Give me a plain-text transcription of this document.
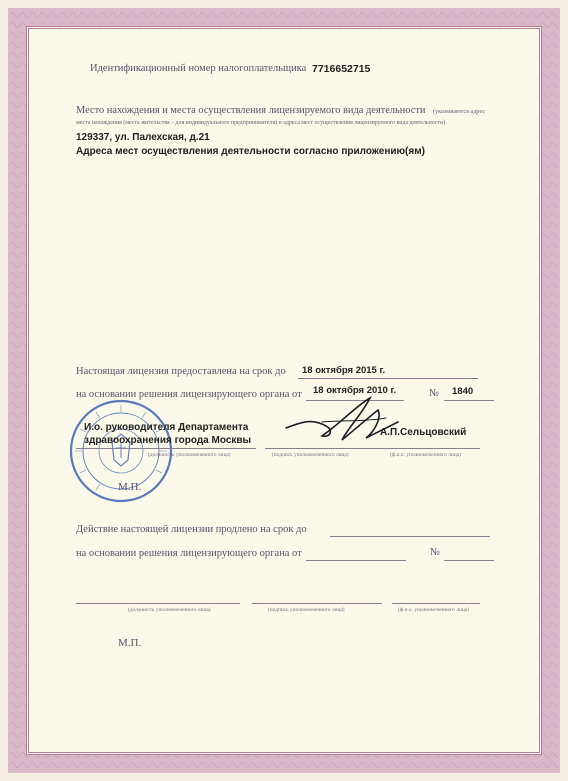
Идентификационный номер налогоплательщика 7716652715
Место нахождения и места осуществления лицензируемого вида деятельности (указываются адрес
места нахождения (места жительства – для индивидуального предпринимателя) и адреса мест осуществления лицензируемого вида деятельности)
129337, ул. Палехская, д.21
Адреса мест осуществления деятельности согласно приложению(ям)
Настоящая лицензия предоставлена на срок до 18 октября 2015 г.
на основании решения лицензирующего органа от 18 октября 2010 г.	№ 1840
И.о. руководителя Департамента
здравоохранения города Москвы
А.П.Сельцовский
(должность уполномоченного лица)	(подпись уполномоченного лица)	(ф.и.о. уполномоченного лица)
М.П.
Действие настоящей лицензии продлено на срок до
на основании решения лицензирующего органа от	№
(должность уполномоченного лица)	(подпись уполномоченного лица)	(ф.и.о. уполномоченного лица)
М.П.
